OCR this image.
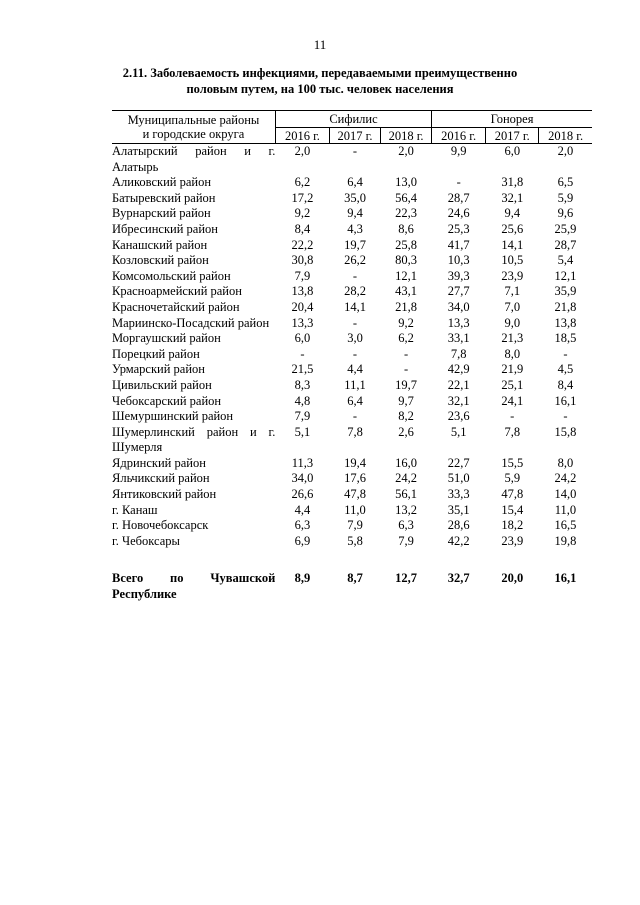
11
2.11. Заболеваемость инфекциями, передаваемыми преимущественно
половым путем, на 100 тыс. человек населения
Муниципальные районы
и городские округа	Сифилис			Гонорея		
	2016 г.	2017 г.	2018 г.	2016 г.	2017 г.	2018 г.
Алатырский район и г. Алатырь	2,0	-	2,0	9,9	6,0	2,0
Аликовский район	6,2	6,4	13,0	-	31,8	6,5
Батыревский район	17,2	35,0	56,4	28,7	32,1	5,9
Вурнарский район	9,2	9,4	22,3	24,6	9,4	9,6
Ибресинский район	8,4	4,3	8,6	25,3	25,6	25,9
Канашский район	22,2	19,7	25,8	41,7	14,1	28,7
Козловский район	30,8	26,2	80,3	10,3	10,5	5,4
Комсомольский район	7,9	-	12,1	39,3	23,9	12,1
Красноармейский район	13,8	28,2	43,1	27,7	7,1	35,9
Красночетайский район	20,4	14,1	21,8	34,0	7,0	21,8
Мариинско-Посадский район	13,3	-	9,2	13,3	9,0	13,8
Моргаушский район	6,0	3,0	6,2	33,1	21,3	18,5
Порецкий район	-	-	-	7,8	8,0	-
Урмарский район	21,5	4,4	-	42,9	21,9	4,5
Цивильский район	8,3	11,1	19,7	22,1	25,1	8,4
Чебоксарский район	4,8	6,4	9,7	32,1	24,1	16,1
Шемуршинский район	7,9	-	8,2	23,6	-	-
Шумерлинский район и г. Шумерля	5,1	7,8	2,6	5,1	7,8	15,8
Ядринский район	11,3	19,4	16,0	22,7	15,5	8,0
Яльчикский район	34,0	17,6	24,2	51,0	5,9	24,2
Янтиковский район	26,6	47,8	56,1	33,3	47,8	14,0
г. Канаш	4,4	11,0	13,2	35,1	15,4	11,0
г. Новочебоксарск	6,3	7,9	6,3	28,6	18,2	16,5
г. Чебоксары	6,9	5,8	7,9	42,2	23,9	19,8

Всего по Чувашской Республике	8,9	8,7	12,7	32,7	20,0	16,1
